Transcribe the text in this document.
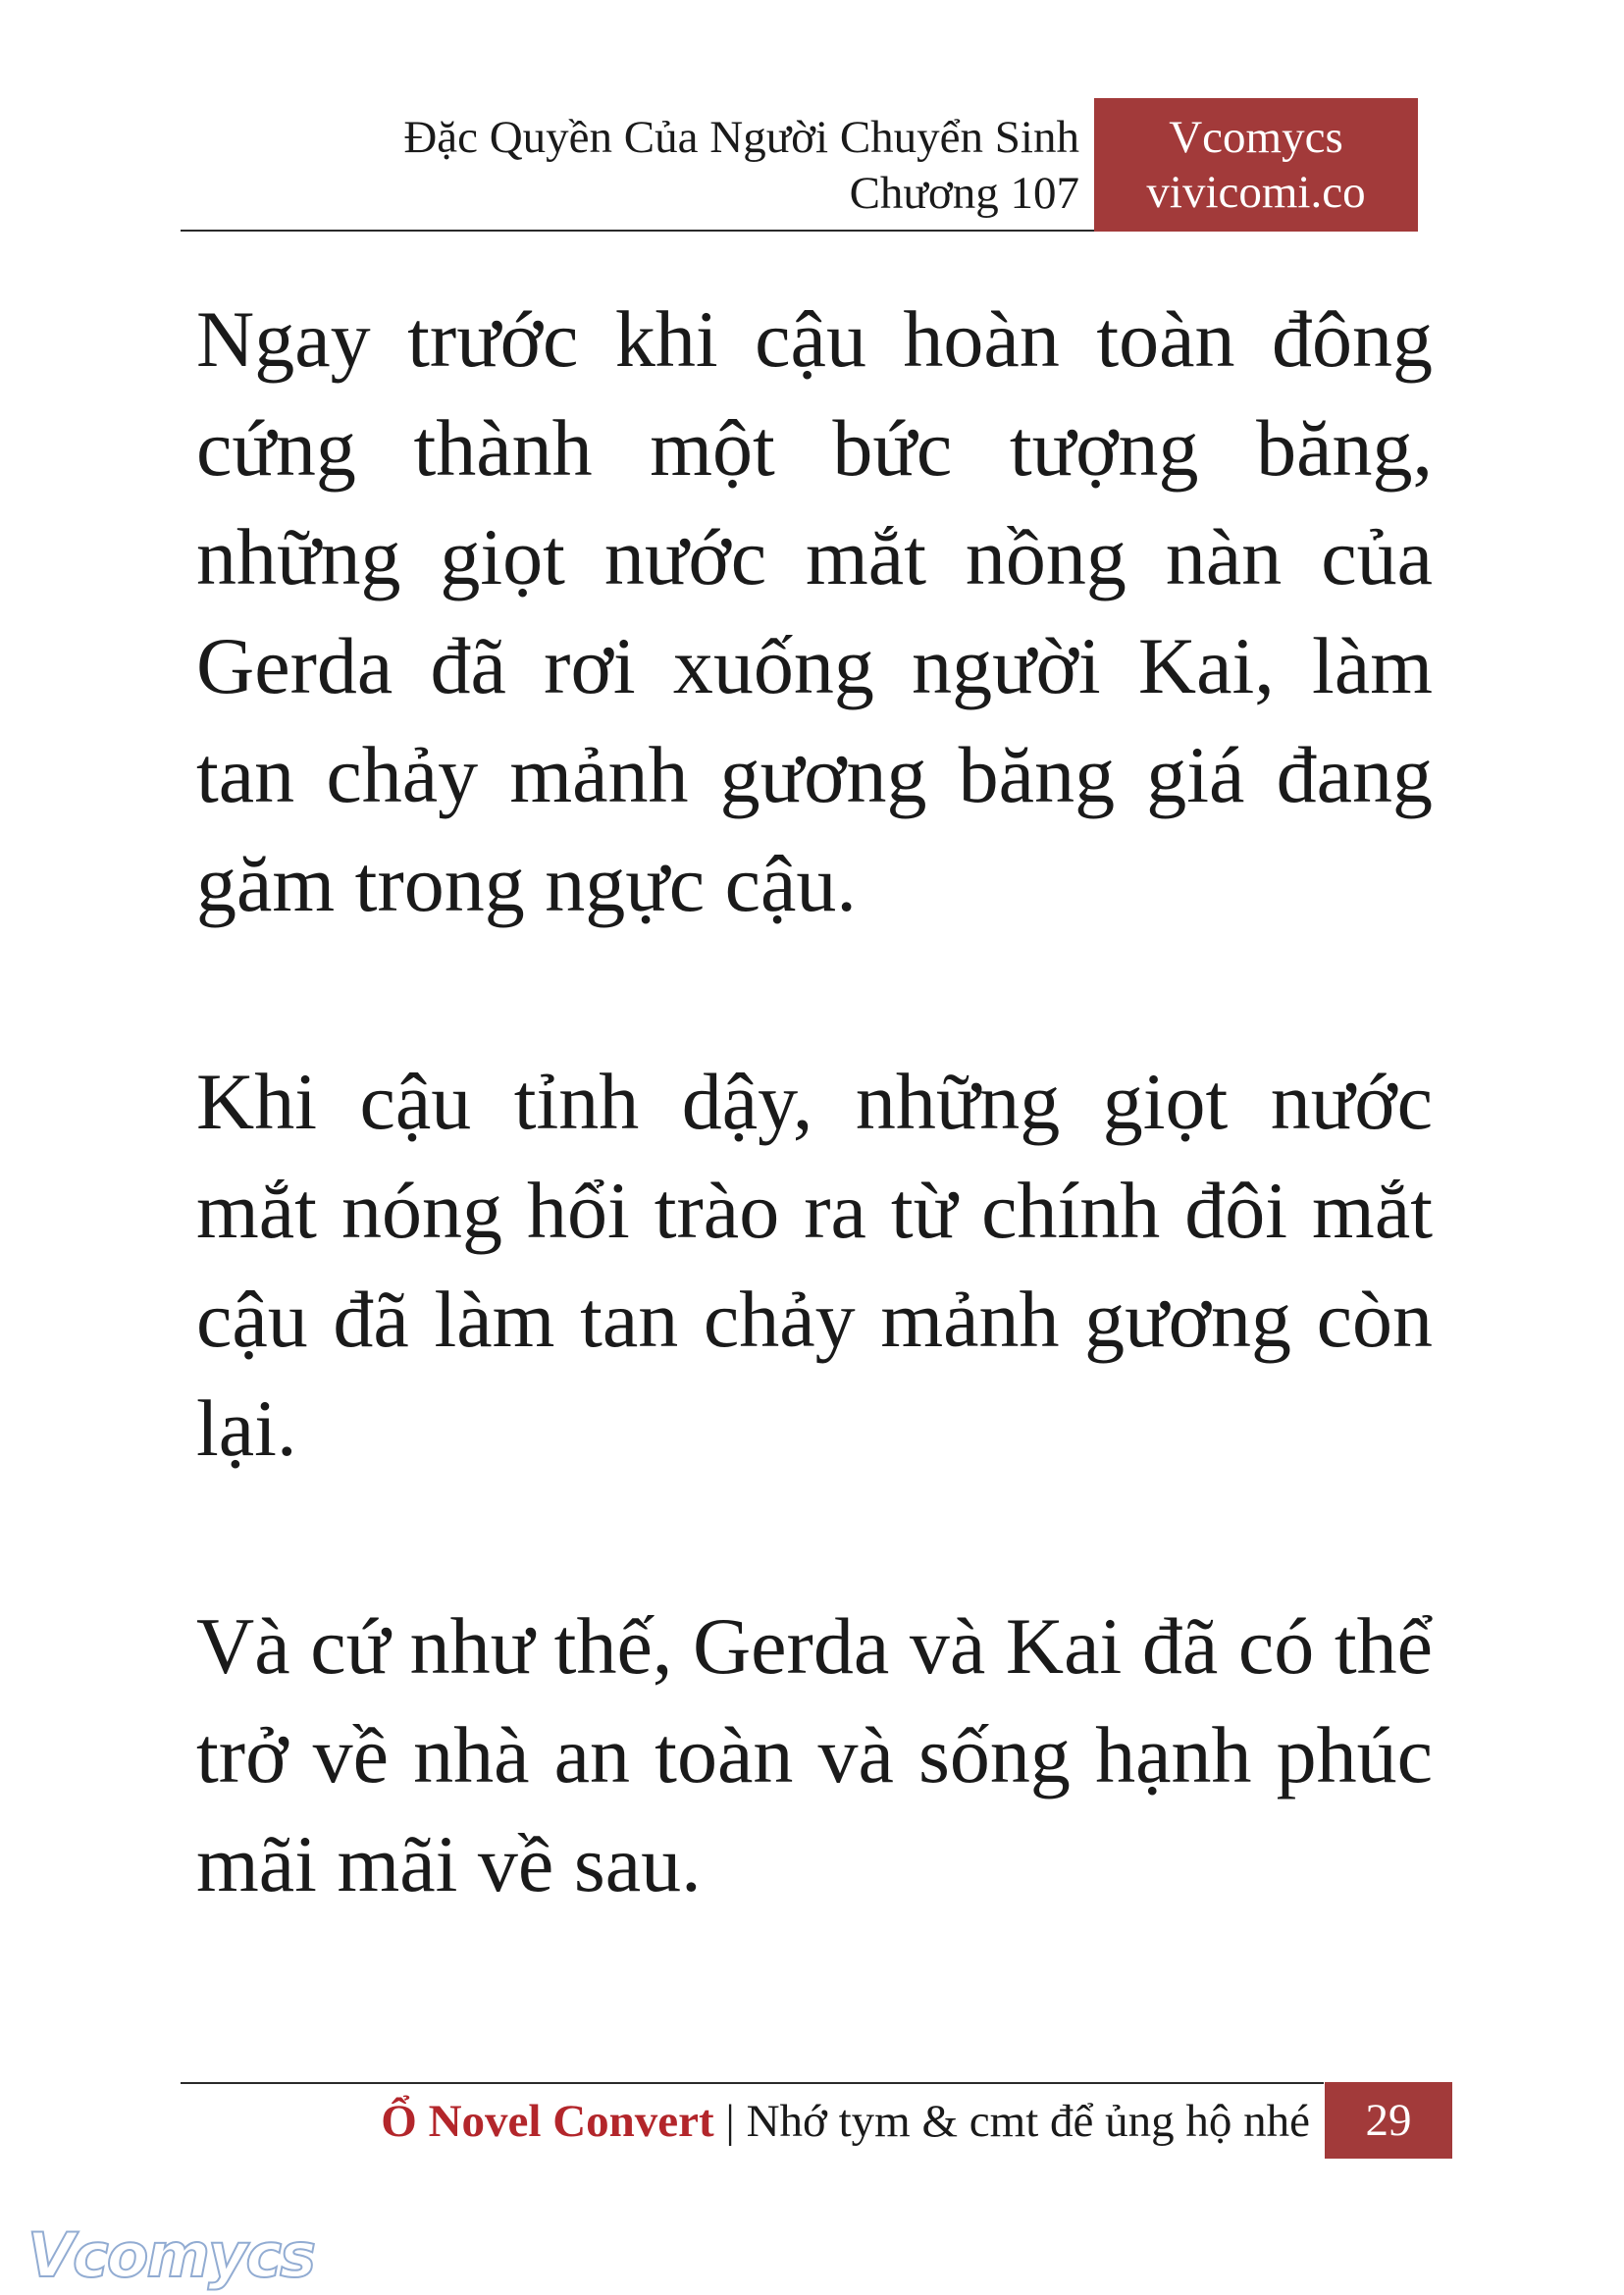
Đặc Quyền Của Người Chuyển Sinh
Chương 107
Vcomycs
vivicomi.co

Ngay trước khi cậu hoàn toàn đông cứng thành một bức tượng băng, những giọt nước mắt nồng nàn của Gerda đã rơi xuống người Kai, làm tan chảy mảnh gương băng giá đang găm trong ngực cậu.

Khi cậu tỉnh dậy, những giọt nước mắt nóng hổi trào ra từ chính đôi mắt cậu đã làm tan chảy mảnh gương còn lại.

Và cứ như thế, Gerda và Kai đã có thể trở về nhà an toàn và sống hạnh phúc mãi mãi về sau.

Ổ Novel Convert | Nhớ tym & cmt để ủng hộ nhé	29
Vcomycs
